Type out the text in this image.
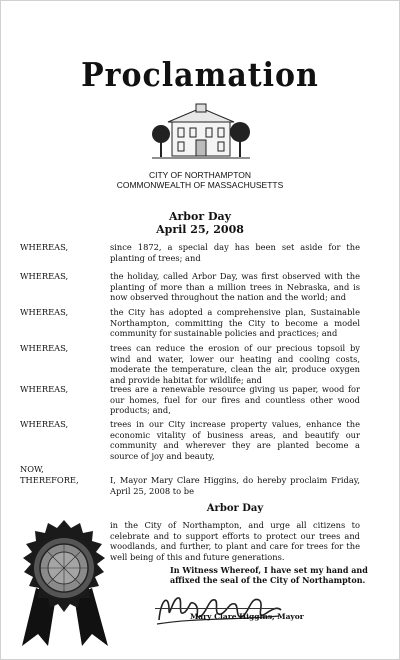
Proclamation
CITY OF NORTHAMPTON
COMMONWEALTH OF MASSACHUSETTS
Arbor Day
April 25, 2008
WHEREAS,	since 1872, a special day has been set aside for the planting of trees; and
WHEREAS,	the holiday, called Arbor Day, was first observed with the planting of more than a million trees in Nebraska, and is now observed throughout the nation and the world; and
WHEREAS,	the City has adopted a comprehensive plan, Sustainable Northampton, committing the City to become a model community for sustainable policies and practices; and
WHEREAS,	trees can reduce the erosion of our precious topsoil by wind and water, lower our heating and cooling costs, moderate the temperature, clean the air, produce oxygen and provide habitat for wildlife; and
WHEREAS,	trees are a renewable resource giving us paper, wood for our homes, fuel for our fires and countless other wood products; and,
WHEREAS,	trees in our City increase property values, enhance the economic vitality of business areas, and beautify our community and wherever they are planted become a source of joy and beauty,
NOW,
THEREFORE,	I, Mayor Mary Clare Higgins, do hereby proclaim Friday, April 25, 2008 to be
Arbor Day
in the City of Northampton, and urge all citizens to celebrate and to support efforts to protect our trees and woodlands, and further, to plant and care for trees for the well being of this and future generations.
In Witness Whereof, I have set my hand and affixed the seal of the City of Northampton.
Mary Clare Higgins, Mayor
